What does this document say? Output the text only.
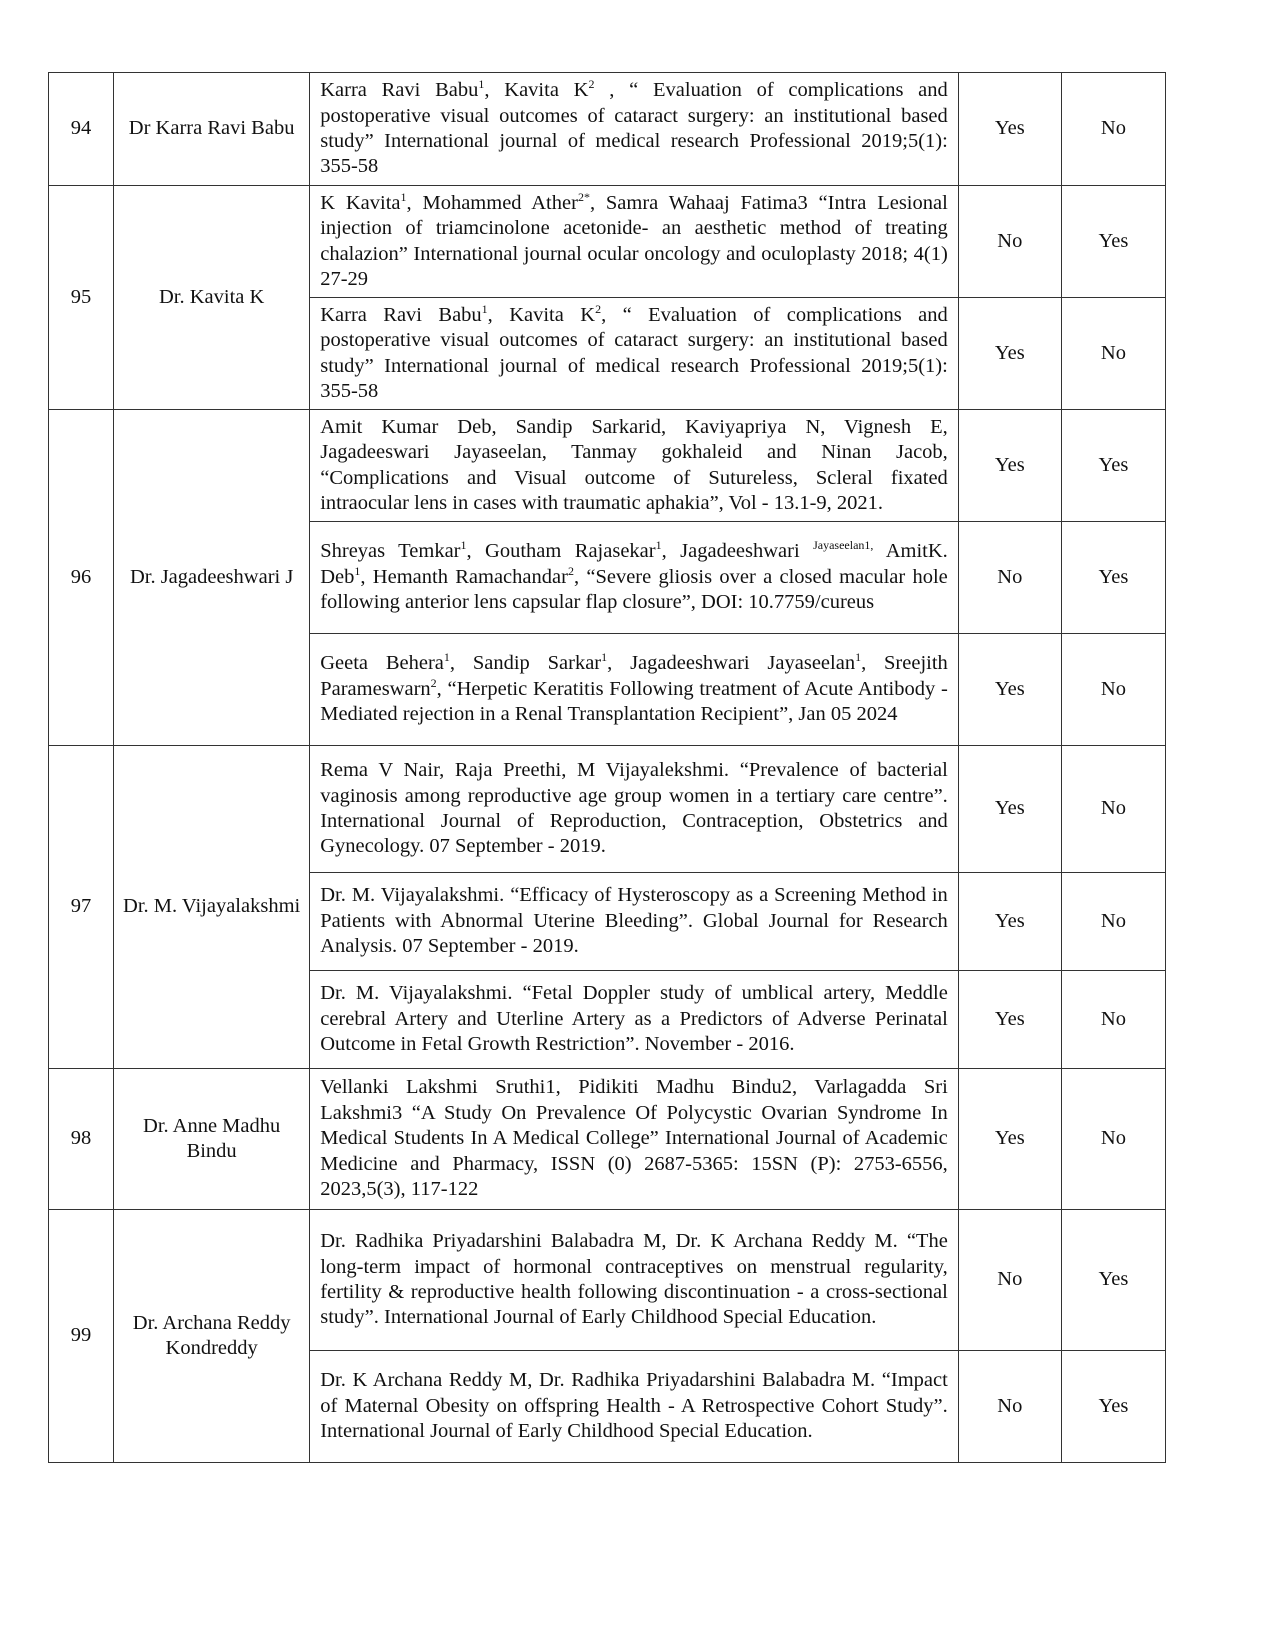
94	Dr Karra Ravi Babu	Karra Ravi Babu$^1$, Kavita $K^2$ , “ Evaluation of complications and postoperative visual outcomes of cataract surgery: an institutional based study” International journal of medical research Professional 2019;5(1): 355-58	Yes	No
95	Dr. Kavita K	K Kavita$^1$, Mohammed Ather$^{2*}$, Samra Wahaaj Fatima3 “Intra Lesional injection of triamcinolone acetonide- an aesthetic method of treating chalazion” International journal ocular oncology and oculoplasty 2018; 4(1) 27-29	No	Yes
		Karra Ravi Babu$^1$, Kavita $K^2$, “ Evaluation of complications and postoperative visual outcomes of cataract surgery: an institutional based study” International journal of medical research Professional 2019;5(1): 355-58	Yes	No
96	Dr. Jagadeeshwari J	Amit Kumar Deb, Sandip Sarkarid, Kaviyapriya N, Vignesh E, Jagadeeswari Jayaseelan, Tanmay gokhaleid and Ninan Jacob, “Complications and Visual outcome of Sutureless, Scleral fixated intraocular lens in cases with traumatic aphakia”, Vol - 13.1-9, 2021.	Yes	Yes
		Shreyas Temkar$^1$, Goutham Rajasekar$^1$, Jagadeeshwari $^{Jayaseelan1,}$ AmitK. Deb$^1$, Hemanth Ramachandar$^2$, “Severe gliosis over a closed macular hole following anterior lens capsular flap closure”, DOI: 10.7759/cureus	No	Yes
		Geeta Behera$^1$, Sandip Sarkar$^1$, Jagadeeshwari Jayaseelan$^1$, Sreejith Parameswarn$^2$, “Herpetic Keratitis Following treatment of Acute Antibody - Mediated rejection in a Renal Transplantation Recipient”, Jan 05 2024	Yes	No
97	Dr. M. Vijayalakshmi	Rema V Nair, Raja Preethi, M Vijayalekshmi. “Prevalence of bacterial vaginosis among reproductive age group women in a tertiary care centre”. International Journal of Reproduction, Contraception, Obstetrics and Gynecology. 07 September - 2019.	Yes	No
		Dr. M. Vijayalakshmi. “Efficacy of Hysteroscopy as a Screening Method in Patients with Abnormal Uterine Bleeding”. Global Journal for Research Analysis. 07 September - 2019.	Yes	No
		Dr. M. Vijayalakshmi. “Fetal Doppler study of umblical artery, Meddle cerebral Artery and Uterline Artery as a Predictors of Adverse Perinatal Outcome in Fetal Growth Restriction”. November - 2016.	Yes	No
98	Dr. Anne Madhu Bindu	Vellanki Lakshmi Sruthi1, Pidikiti Madhu Bindu2, Varlagadda Sri Lakshmi3 “A Study On Prevalence Of Polycystic Ovarian Syndrome In Medical Students In A Medical College” International Journal of Academic Medicine and Pharmacy, ISSN (0) 2687-5365: 15SN (P): 2753-6556, 2023,5(3), 117-122	Yes	No
99	Dr. Archana Reddy Kondreddy	Dr. Radhika Priyadarshini Balabadra M, Dr. K Archana Reddy M. “The long-term impact of hormonal contraceptives on menstrual regularity, fertility & reproductive health following discontinuation - a cross-sectional study”. International Journal of Early Childhood Special Education.	No	Yes
		Dr. K Archana Reddy M, Dr. Radhika Priyadarshini Balabadra M. “Impact of Maternal Obesity on offspring Health - A Retrospective Cohort Study”. International Journal of Early Childhood Special Education.	No	Yes
